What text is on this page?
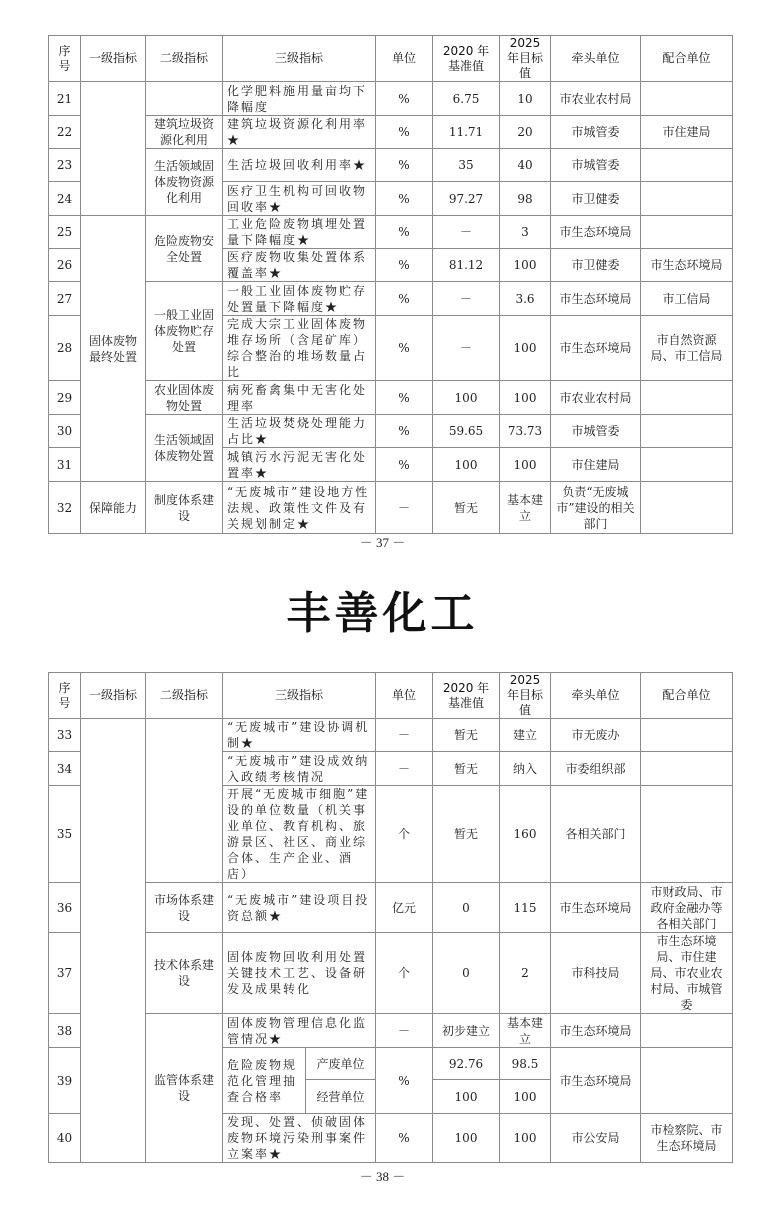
序号	一级指标	二级指标	三级指标	单位	2020 年基准值	2025 年目标值	牵头单位	配合单位
21			化学肥料施用量亩均下降幅度	%	6.75	10	市农业农村局	
22		建筑垃圾资源化利用	建筑垃圾资源化利用率★	%	11.71	20	市城管委	市住建局
23		生活领域固体废物资源化利用	生活垃圾回收利用率★	%	35	40	市城管委	
24			医疗卫生机构可回收物回收率★	%	97.27	98	市卫健委	
25	固体废物最终处置	危险废物安全处置	工业危险废物填埋处置量下降幅度★	%	－	3	市生态环境局	
26			医疗废物收集处置体系覆盖率★	%	81.12	100	市卫健委	市生态环境局
27		一般工业固体废物贮存处置	一般工业固体废物贮存处置量下降幅度★	%	－	3.6	市生态环境局	市工信局
28			完成大宗工业固体废物堆存场所（含尾矿库）综合整治的堆场数量占比	%	－	100	市生态环境局	市自然资源局、市工信局
29		农业固体废物处置	病死畜禽集中无害化处理率	%	100	100	市农业农村局	
30		生活领域固体废物处置	生活垃圾焚烧处理能力占比★	%	59.65	73.73	市城管委	
31			城镇污水污泥无害化处置率★	%	100	100	市住建局	
32	保障能力	制度体系建设	“无废城市”建设地方性法规、政策性文件及有关规划制定★	－	暂无	基本建立	负责“无废城市”建设的相关部门	
－ 37 －
丰善化工
序号	一级指标	二级指标	三级指标		单位	2020 年基准值	2025 年目标值	牵头单位	配合单位
33			“无废城市”建设协调机制★		－	暂无	建立	市无废办	
34			“无废城市”建设成效纳入政绩考核情况		－	暂无	纳入	市委组织部	
35			开展“无废城市细胞”建设的单位数量（机关事业单位、教育机构、旅游景区、社区、商业综合体、生产企业、酒店）		个	暂无	160	各相关部门	
36		市场体系建设	“无废城市”建设项目投资总额★		亿元	0	115	市生态环境局	市财政局、市政府金融办等各相关部门
37		技术体系建设	固体废物回收利用处置关键技术工艺、设备研发及成果转化		个	0	2	市科技局	市生态环境局、市住建局、市农业农村局、市城管委
38		监管体系建设	固体废物管理信息化监管情况★		－	初步建立	基本建立	市生态环境局	
39			危险废物规范化管理抽查合格率	产废单位	%	92.76	98.5	市生态环境局	
				经营单位		100	100		
40			发现、处置、侦破固体废物环境污染刑事案件立案率★		%	100	100	市公安局	市检察院、市生态环境局
－ 38 －
